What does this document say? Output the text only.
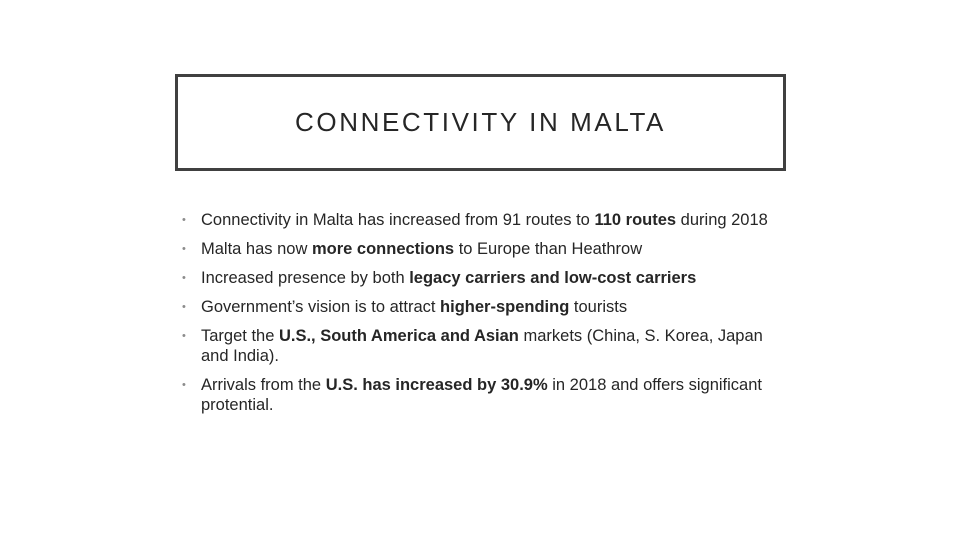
CONNECTIVITY IN MALTA
• Connectivity in Malta has increased from 91 routes to 110 routes during 2018
• Malta has now more connections to Europe than Heathrow
• Increased presence by both legacy carriers and low-cost carriers
• Government’s vision is to attract higher-spending tourists
• Target the U.S., South America and Asian markets (China, S. Korea, Japan and India).
• Arrivals from the U.S. has increased by 30.9% in 2018 and offers significant protential.
